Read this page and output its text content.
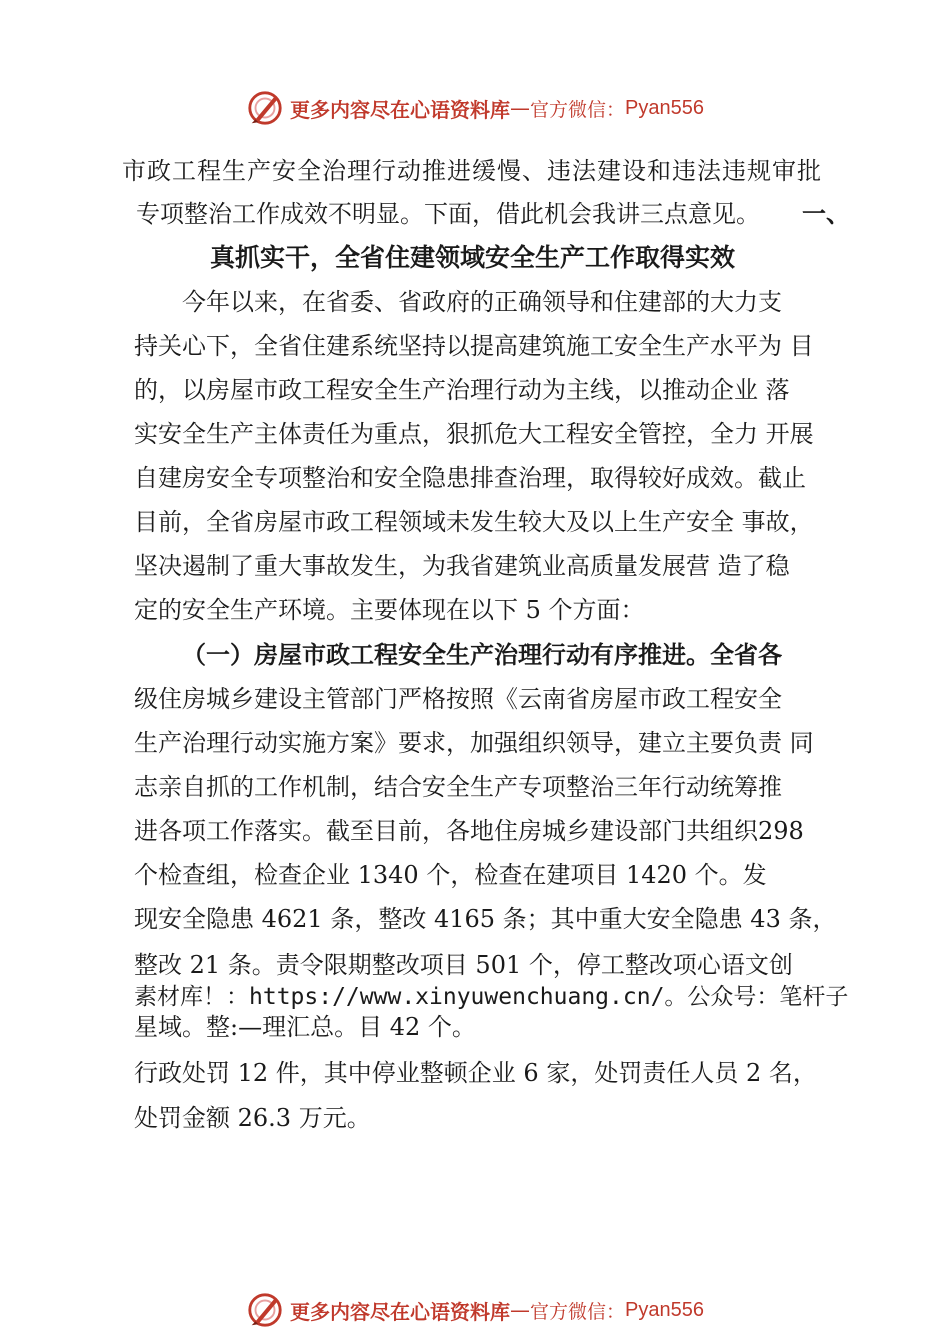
更多内容尽在心语资料库 — 官方微信： Pyan556
市政工程生产安全治理行动推进缓慢、违法建设和违法违规审批
专项整治工作成效不明显。下面，借此机会我讲三点意见。 一、
真抓实干，全省住建领域安全生产工作取得实效
今年以来，在省委、省政府的正确领导和住建部的大力支
持关心下，全省住建系统坚持以提高建筑施工安全生产水平为 目
的，以房屋市政工程安全生产治理行动为主线，以推动企业 落
实安全生产主体责任为重点，狠抓危大工程安全管控，全力 开展
自建房安全专项整治和安全隐患排查治理，取得较好成效。截止
目前，全省房屋市政工程领域未发生较大及以上生产安全 事故，
坚决遏制了重大事故发生，为我省建筑业高质量发展营 造了稳
定的安全生产环境。主要体现在以下 5 个方面：
（一）房屋市政工程安全生产治理行动有序推进。全省各
级住房城乡建设主管部门严格按照《云南省房屋市政工程安全
生产治理行动实施方案》要求，加强组织领导，建立主要负责 同
志亲自抓的工作机制，结合安全生产专项整治三年行动统筹推
进各项工作落实。截至目前，各地住房城乡建设部门共组织298
个检查组，检查企业 1340 个，检查在建项目 1420 个。发
现安全隐患 4621 条，整改 4165 条；其中重大安全隐患 43 条，
整改 21 条。责令限期整改项目 501 个，停工整改项心语文创
素材库！：https://www.xinyuwenchuang.cn/。公众号：笔杆子
星域。整:—理汇总。目 42 个。
行政处罚 12 件，其中停业整顿企业 6 家，处罚责任人员 2 名，
处罚金额 26.3 万元。
更多内容尽在心语资料库 — 官方微信： Pyan556
